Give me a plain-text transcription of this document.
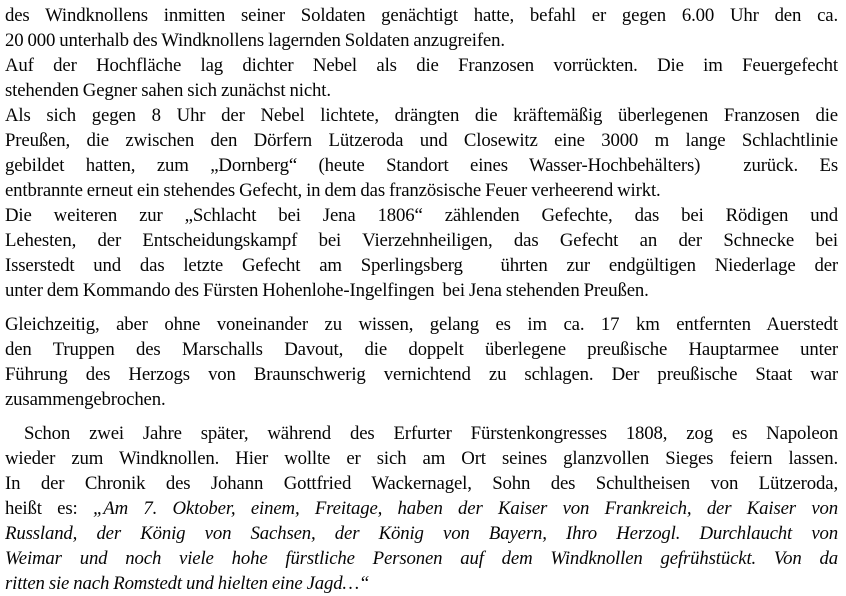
des Windknollens inmitten seiner Soldaten genächtigt hatte, befahl er gegen 6.00 Uhr den ca.
20 000 unterhalb des Windknollens lagernden Soldaten anzugreifen.
Auf der Hochfläche lag dichter Nebel als die Franzosen vorrückten. Die im Feuergefecht
stehenden Gegner sahen sich zunächst nicht.
Als sich gegen 8 Uhr der Nebel lichtete, drängten die kräftemäßig überlegenen Franzosen die
Preußen, die zwischen den Dörfern Lützeroda und Closewitz eine 3000 m lange Schlachtlinie
gebildet hatten, zum „Dornberg“ (heute Standort eines Wasser-Hochbehälters)  zurück. Es
entbrannte erneut ein stehendes Gefecht, in dem das französische Feuer verheerend wirkt.
Die weiteren zur „Schlacht bei Jena 1806“ zählenden Gefechte, das bei Rödigen und
Lehesten, der Entscheidungskampf bei Vierzehnheiligen, das Gefecht an der Schnecke bei
Isserstedt und das letzte Gefecht am Sperlingsberg  ührten zur endgültigen Niederlage der
unter dem Kommando des Fürsten Hohenlohe-Ingelfingen  bei Jena stehenden Preußen.
Gleichzeitig, aber ohne voneinander zu wissen, gelang es im ca. 17 km entfernten Auerstedt
den Truppen des Marschalls Davout, die doppelt überlegene preußische Hauptarmee unter
Führung des Herzogs von Braunschwerig vernichtend zu schlagen. Der preußische Staat war
zusammengebrochen.
Schon zwei Jahre später, während des Erfurter Fürstenkongresses 1808, zog es Napoleon
wieder zum Windknollen. Hier wollte er sich am Ort seines glanzvollen Sieges feiern lassen.
In der Chronik des Johann Gottfried Wackernagel, Sohn des Schultheisen von Lützeroda,
heißt es: „Am 7. Oktober, einem, Freitage, haben der Kaiser von Frankreich, der Kaiser von
Russland, der König von Sachsen, der König von Bayern, Ihro Herzogl. Durchlaucht von
Weimar und noch viele hohe fürstliche Personen auf dem Windknollen gefrühstückt. Von da
ritten sie nach Romstedt und hielten eine Jagd…“
